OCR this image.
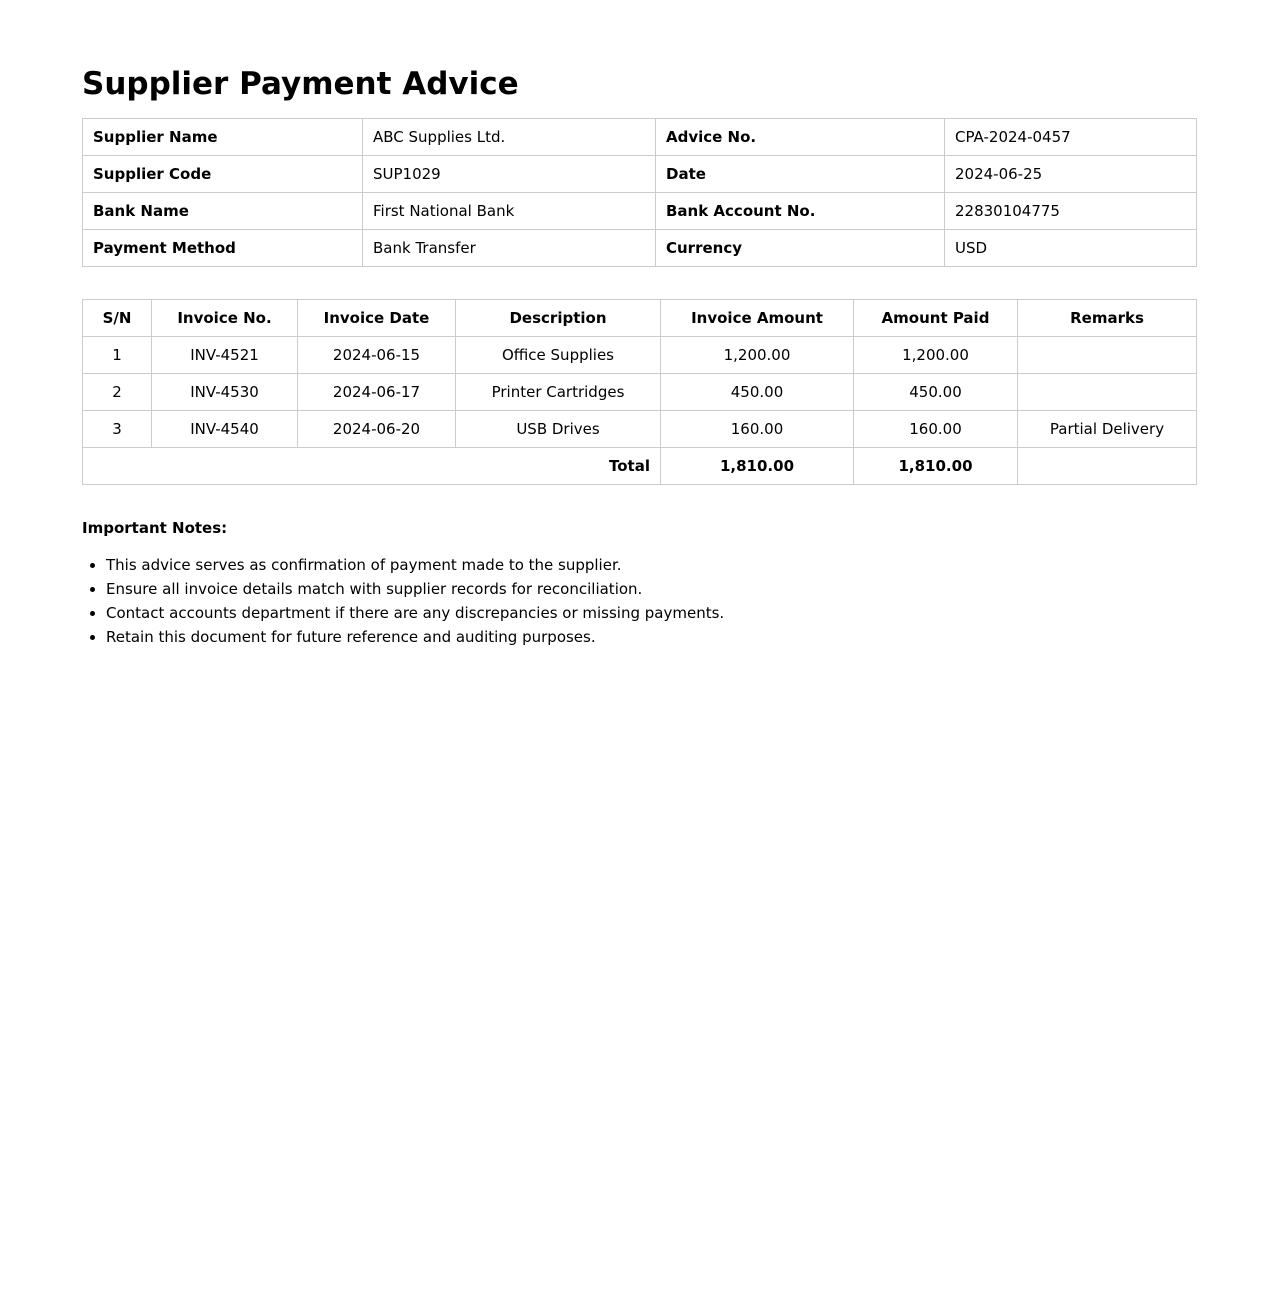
Supplier Payment Advice
Supplier Name	ABC Supplies Ltd.	Advice No.	CPA-2024-0457
Supplier Code	SUP1029	Date	2024-06-25
Bank Name	First National Bank	Bank Account No.	22830104775
Payment Method	Bank Transfer	Currency	USD
S/N	Invoice No.	Invoice Date	Description	Invoice Amount	Amount Paid	Remarks
1	INV-4521	2024-06-15	Office Supplies	1,200.00	1,200.00	
2	INV-4530	2024-06-17	Printer Cartridges	450.00	450.00	
3	INV-4540	2024-06-20	USB Drives	160.00	160.00	Partial Delivery
Total				1,810.00	1,810.00	
Important Notes:
• This advice serves as confirmation of payment made to the supplier.
• Ensure all invoice details match with supplier records for reconciliation.
• Contact accounts department if there are any discrepancies or missing payments.
• Retain this document for future reference and auditing purposes.
